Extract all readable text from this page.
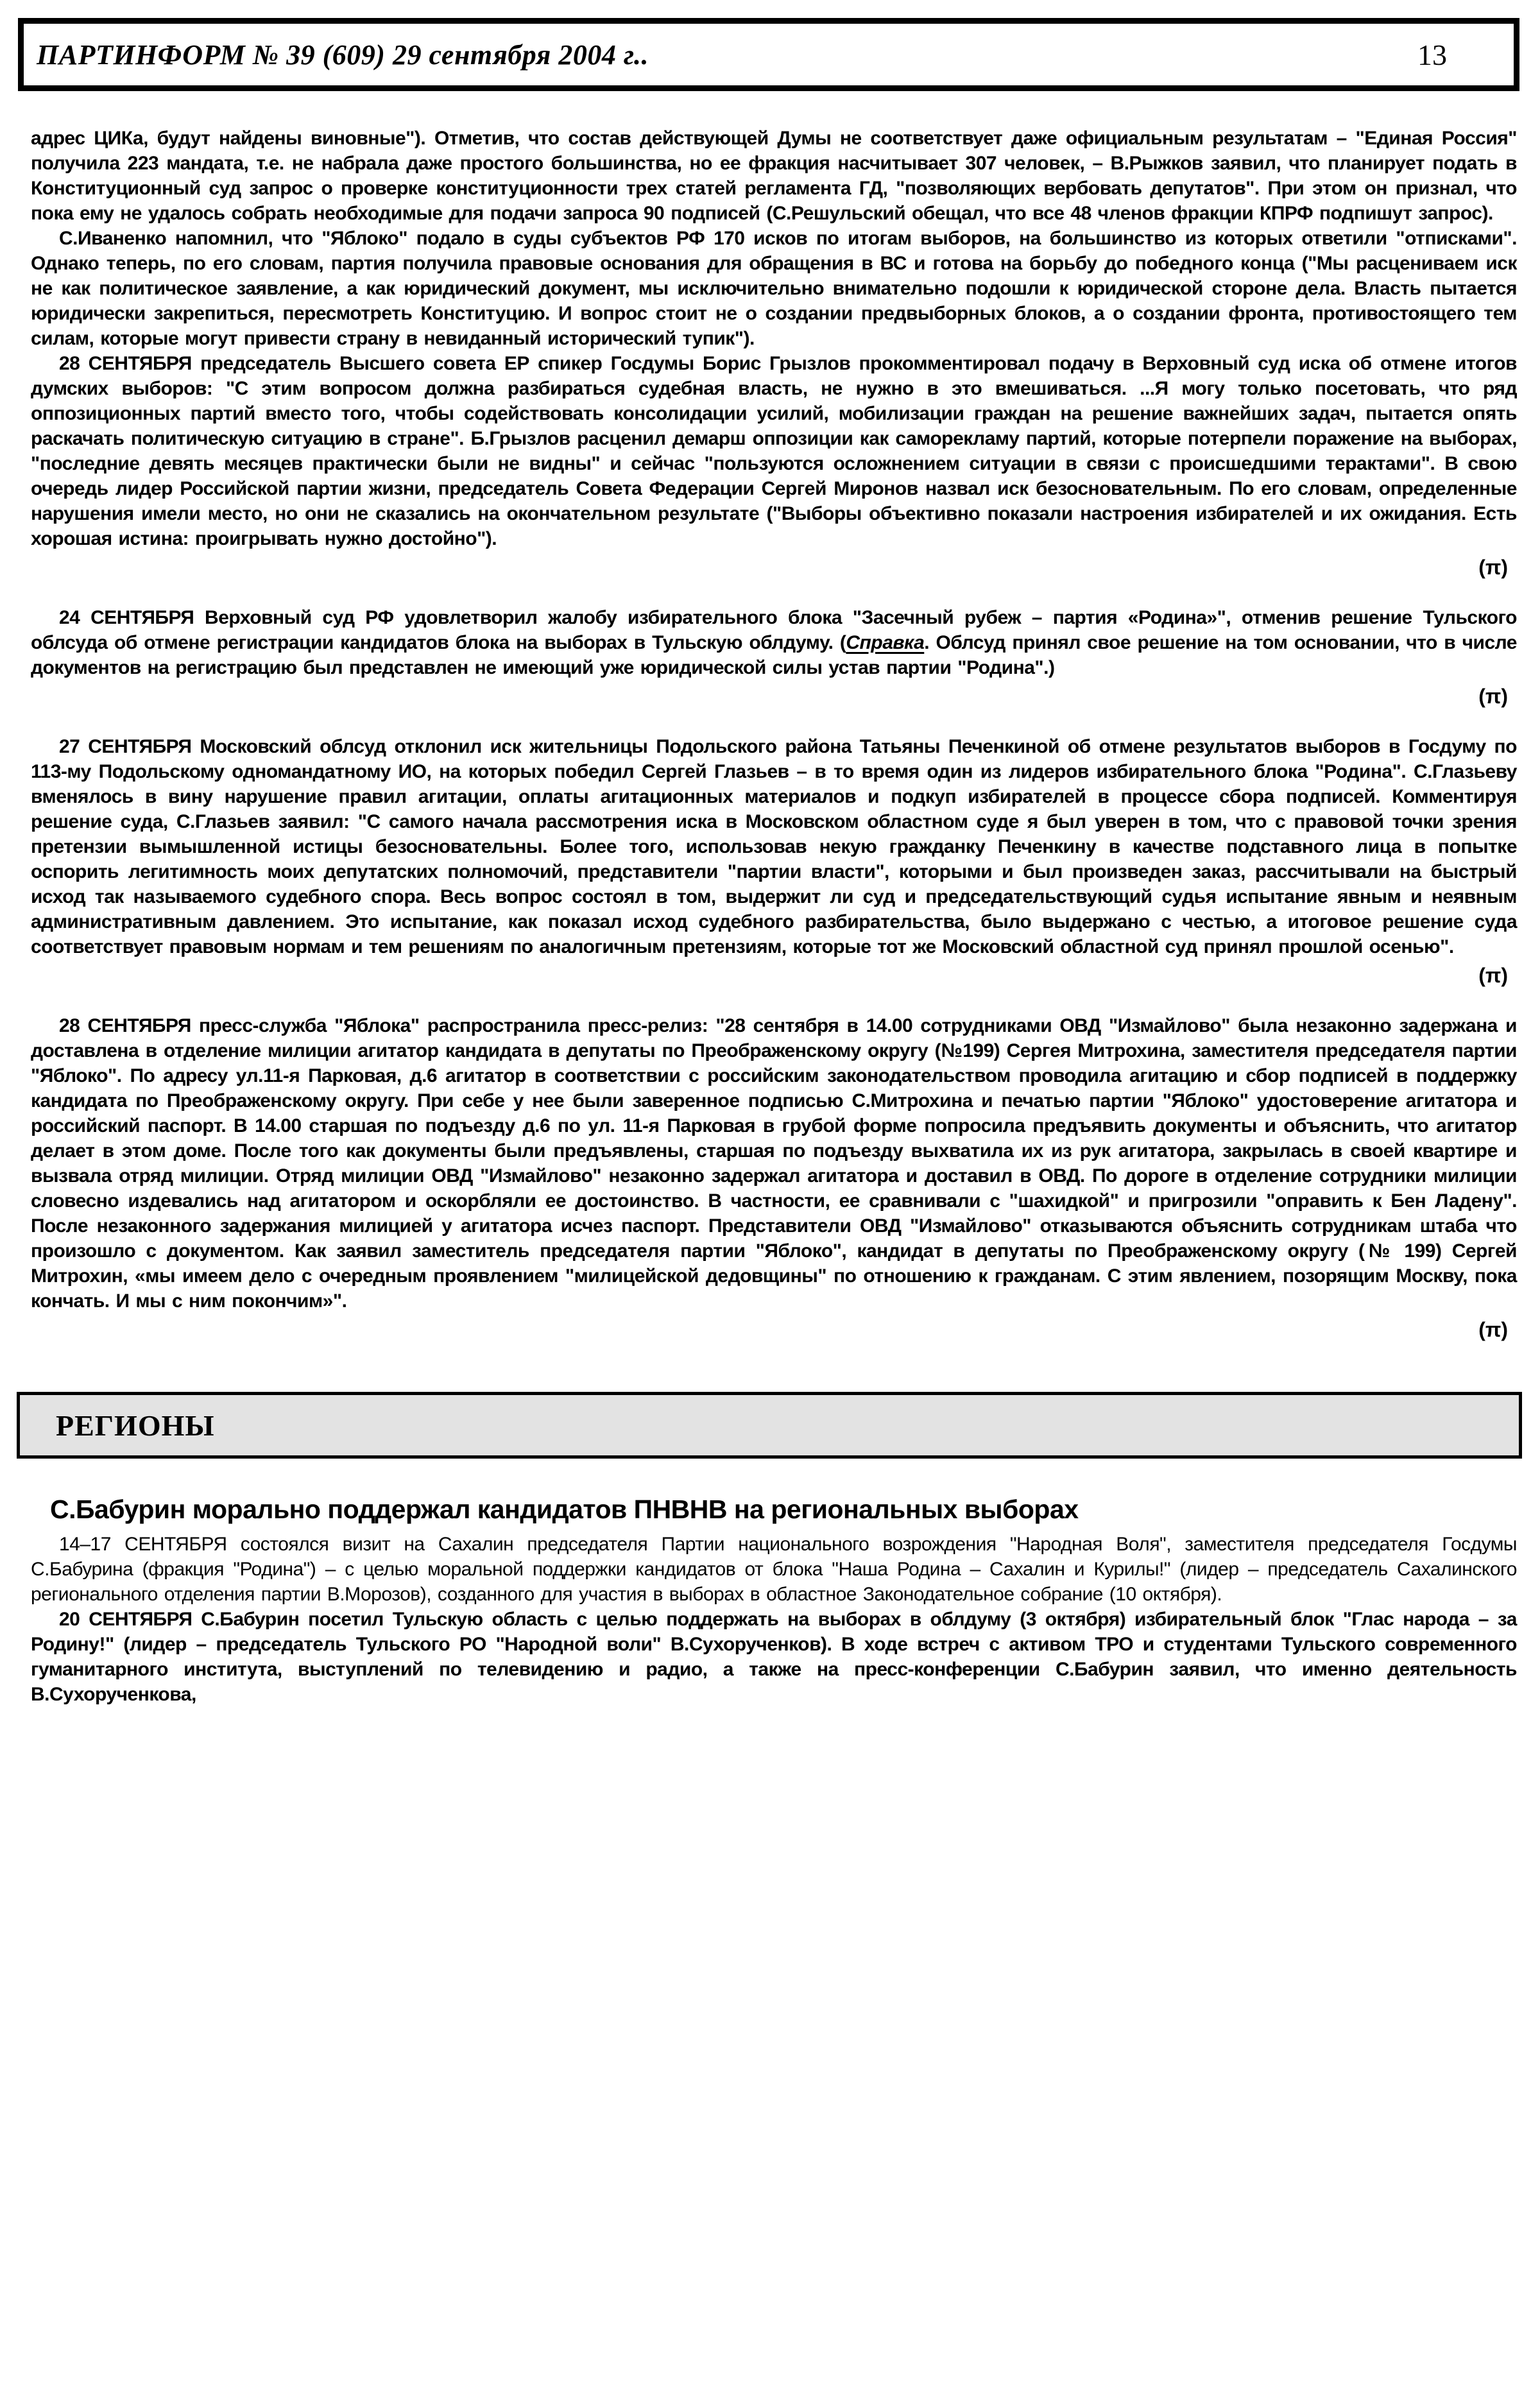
ПАРТИНФОРМ № 39 (609) 29 сентября 2004 г..	13

адрес ЦИКа, будут найдены виновные"). Отметив, что состав действующей Думы не соответствует даже официальным результатам – "Единая Россия" получила 223 мандата, т.е. не набрала даже простого большинства, но ее фракция насчитывает 307 человек, – В.Рыжков заявил, что планирует подать в Конституционный суд запрос о проверке конституционности трех статей регламента ГД, "позволяющих вербовать депутатов". При этом он признал, что пока ему не удалось собрать необходимые для подачи запроса 90 подписей (С.Решульский обещал, что все 48 членов фракции КПРФ подпишут запрос).

С.Иваненко напомнил, что "Яблоко" подало в суды субъектов РФ 170 исков по итогам выборов, на большинство из которых ответили "отписками". Однако теперь, по его словам, партия получила правовые основания для обращения в ВС и готова на борьбу до победного конца ("Мы расцениваем иск не как политическое заявление, а как юридический документ, мы исключительно внимательно подошли к юридической стороне дела. Власть пытается юридически закрепиться, пересмотреть Конституцию. И вопрос стоит не о создании предвыборных блоков, а о создании фронта, противостоящего тем силам, которые могут привести страну в невиданный исторический тупик").

28 СЕНТЯБРЯ председатель Высшего совета ЕР спикер Госдумы Борис Грызлов прокомментировал подачу в Верховный суд иска об отмене итогов думских выборов: "С этим вопросом должна разбираться судебная власть, не нужно в это вмешиваться. ...Я могу только посетовать, что ряд оппозиционных партий вместо того, чтобы содействовать консолидации усилий, мобилизации граждан на решение важнейших задач, пытается опять раскачать политическую ситуацию в стране". Б.Грызлов расценил демарш оппозиции как саморекламу партий, которые потерпели поражение на выборах, "последние девять месяцев практически были не видны" и сейчас "пользуются осложнением ситуации в связи с происшедшими терактами". В свою очередь лидер Российской партии жизни, председатель Совета Федерации Сергей Миронов назвал иск безосновательным. По его словам, определенные нарушения имели место, но они не сказались на окончательном результате ("Выборы объективно показали настроения избирателей и их ожидания. Есть хорошая истина: проигрывать нужно достойно").

(π)

24 СЕНТЯБРЯ Верховный суд РФ удовлетворил жалобу избирательного блока "Засечный рубеж – партия «Родина»", отменив решение Тульского облсуда об отмене регистрации кандидатов блока на выборах в Тульскую облдуму. (Справка. Облсуд принял свое решение на том основании, что в числе документов на регистрацию был представлен не имеющий уже юридической силы устав партии "Родина".)

(π)

27 СЕНТЯБРЯ Московский облсуд отклонил иск жительницы Подольского района Татьяны Печенкиной об отмене результатов выборов в Госдуму по 113-му Подольскому одномандатному ИО, на которых победил Сергей Глазьев – в то время один из лидеров избирательного блока "Родина". С.Глазьеву вменялось в вину нарушение правил агитации, оплаты агитационных материалов и подкуп избирателей в процессе сбора подписей. Комментируя решение суда, С.Глазьев заявил: "С самого начала рассмотрения иска в Московском областном суде я был уверен в том, что с правовой точки зрения претензии вымышленной истицы безосновательны. Более того, использовав некую гражданку Печенкину в качестве подставного лица в попытке оспорить легитимность моих депутатских полномочий, представители "партии власти", которыми и был произведен заказ, рассчитывали на быстрый исход так называемого судебного спора. Весь вопрос состоял в том, выдержит ли суд и председательствующий судья испытание явным и неявным административным давлением. Это испытание, как показал исход судебного разбирательства, было выдержано с честью, а итоговое решение суда соответствует правовым нормам и тем решениям по аналогичным претензиям, которые тот же Московский областной суд принял прошлой осенью".

(π)

28 СЕНТЯБРЯ пресс-служба "Яблока" распространила пресс-релиз: "28 сентября в 14.00 сотрудниками ОВД "Измайлово" была незаконно задержана и доставлена в отделение милиции агитатор кандидата в депутаты по Преображенскому округу (№199) Сергея Митрохина, заместителя председателя партии "Яблоко". По адресу ул.11-я Парковая, д.6 агитатор в соответствии с российским законодательством проводила агитацию и сбор подписей в поддержку кандидата по Преображенскому округу. При себе у нее были заверенное подписью С.Митрохина и печатью партии "Яблоко" удостоверение агитатора и российский паспорт. В 14.00 старшая по подъезду д.6 по ул. 11-я Парковая в грубой форме попросила предъявить документы и объяснить, что агитатор делает в этом доме. После того как документы были предъявлены, старшая по подъезду выхватила их из рук агитатора, закрылась в своей квартире и вызвала отряд милиции. Отряд милиции ОВД "Измайлово" незаконно задержал агитатора и доставил в ОВД. По дороге в отделение сотрудники милиции словесно издевались над агитатором и оскорбляли ее достоинство. В частности, ее сравнивали с "шахидкой" и пригрозили "оправить к Бен Ладену". После незаконного задержания милицией у агитатора исчез паспорт. Представители ОВД "Измайлово" отказываются объяснить сотрудникам штаба что произошло с документом. Как заявил заместитель председателя партии "Яблоко", кандидат в депутаты по Преображенскому округу (№ 199) Сергей Митрохин, «мы имеем дело с очередным проявлением "милицейской дедовщины" по отношению к гражданам. С этим явлением, позорящим Москву, пока кончать. И мы с ним покончим»".

(π)
РЕГИОНЫ
С.Бабурин морально поддержал кандидатов ПНВНВ на региональных выборах

14–17 СЕНТЯБРЯ состоялся визит на Сахалин председателя Партии национального возрождения "Народная Воля", заместителя председателя Госдумы С.Бабурина (фракция "Родина") – с целью моральной поддержки кандидатов от блока "Наша Родина – Сахалин и Курилы!" (лидер – председатель Сахалинского регионального отделения партии В.Морозов), созданного для участия в выборах в областное Законодательное собрание (10 октября).

20 СЕНТЯБРЯ С.Бабурин посетил Тульскую область с целью поддержать на выборах в облдуму (3 октября) избирательный блок "Глас народа – за Родину!" (лидер – председатель Тульского РО "Народной воли" В.Сухорученков). В ходе встреч с активом ТРО и студентами Тульского современного гуманитарного института, выступлений по телевидению и радио, а также на пресс-конференции С.Бабурин заявил, что именно деятельность В.Сухорученкова,
